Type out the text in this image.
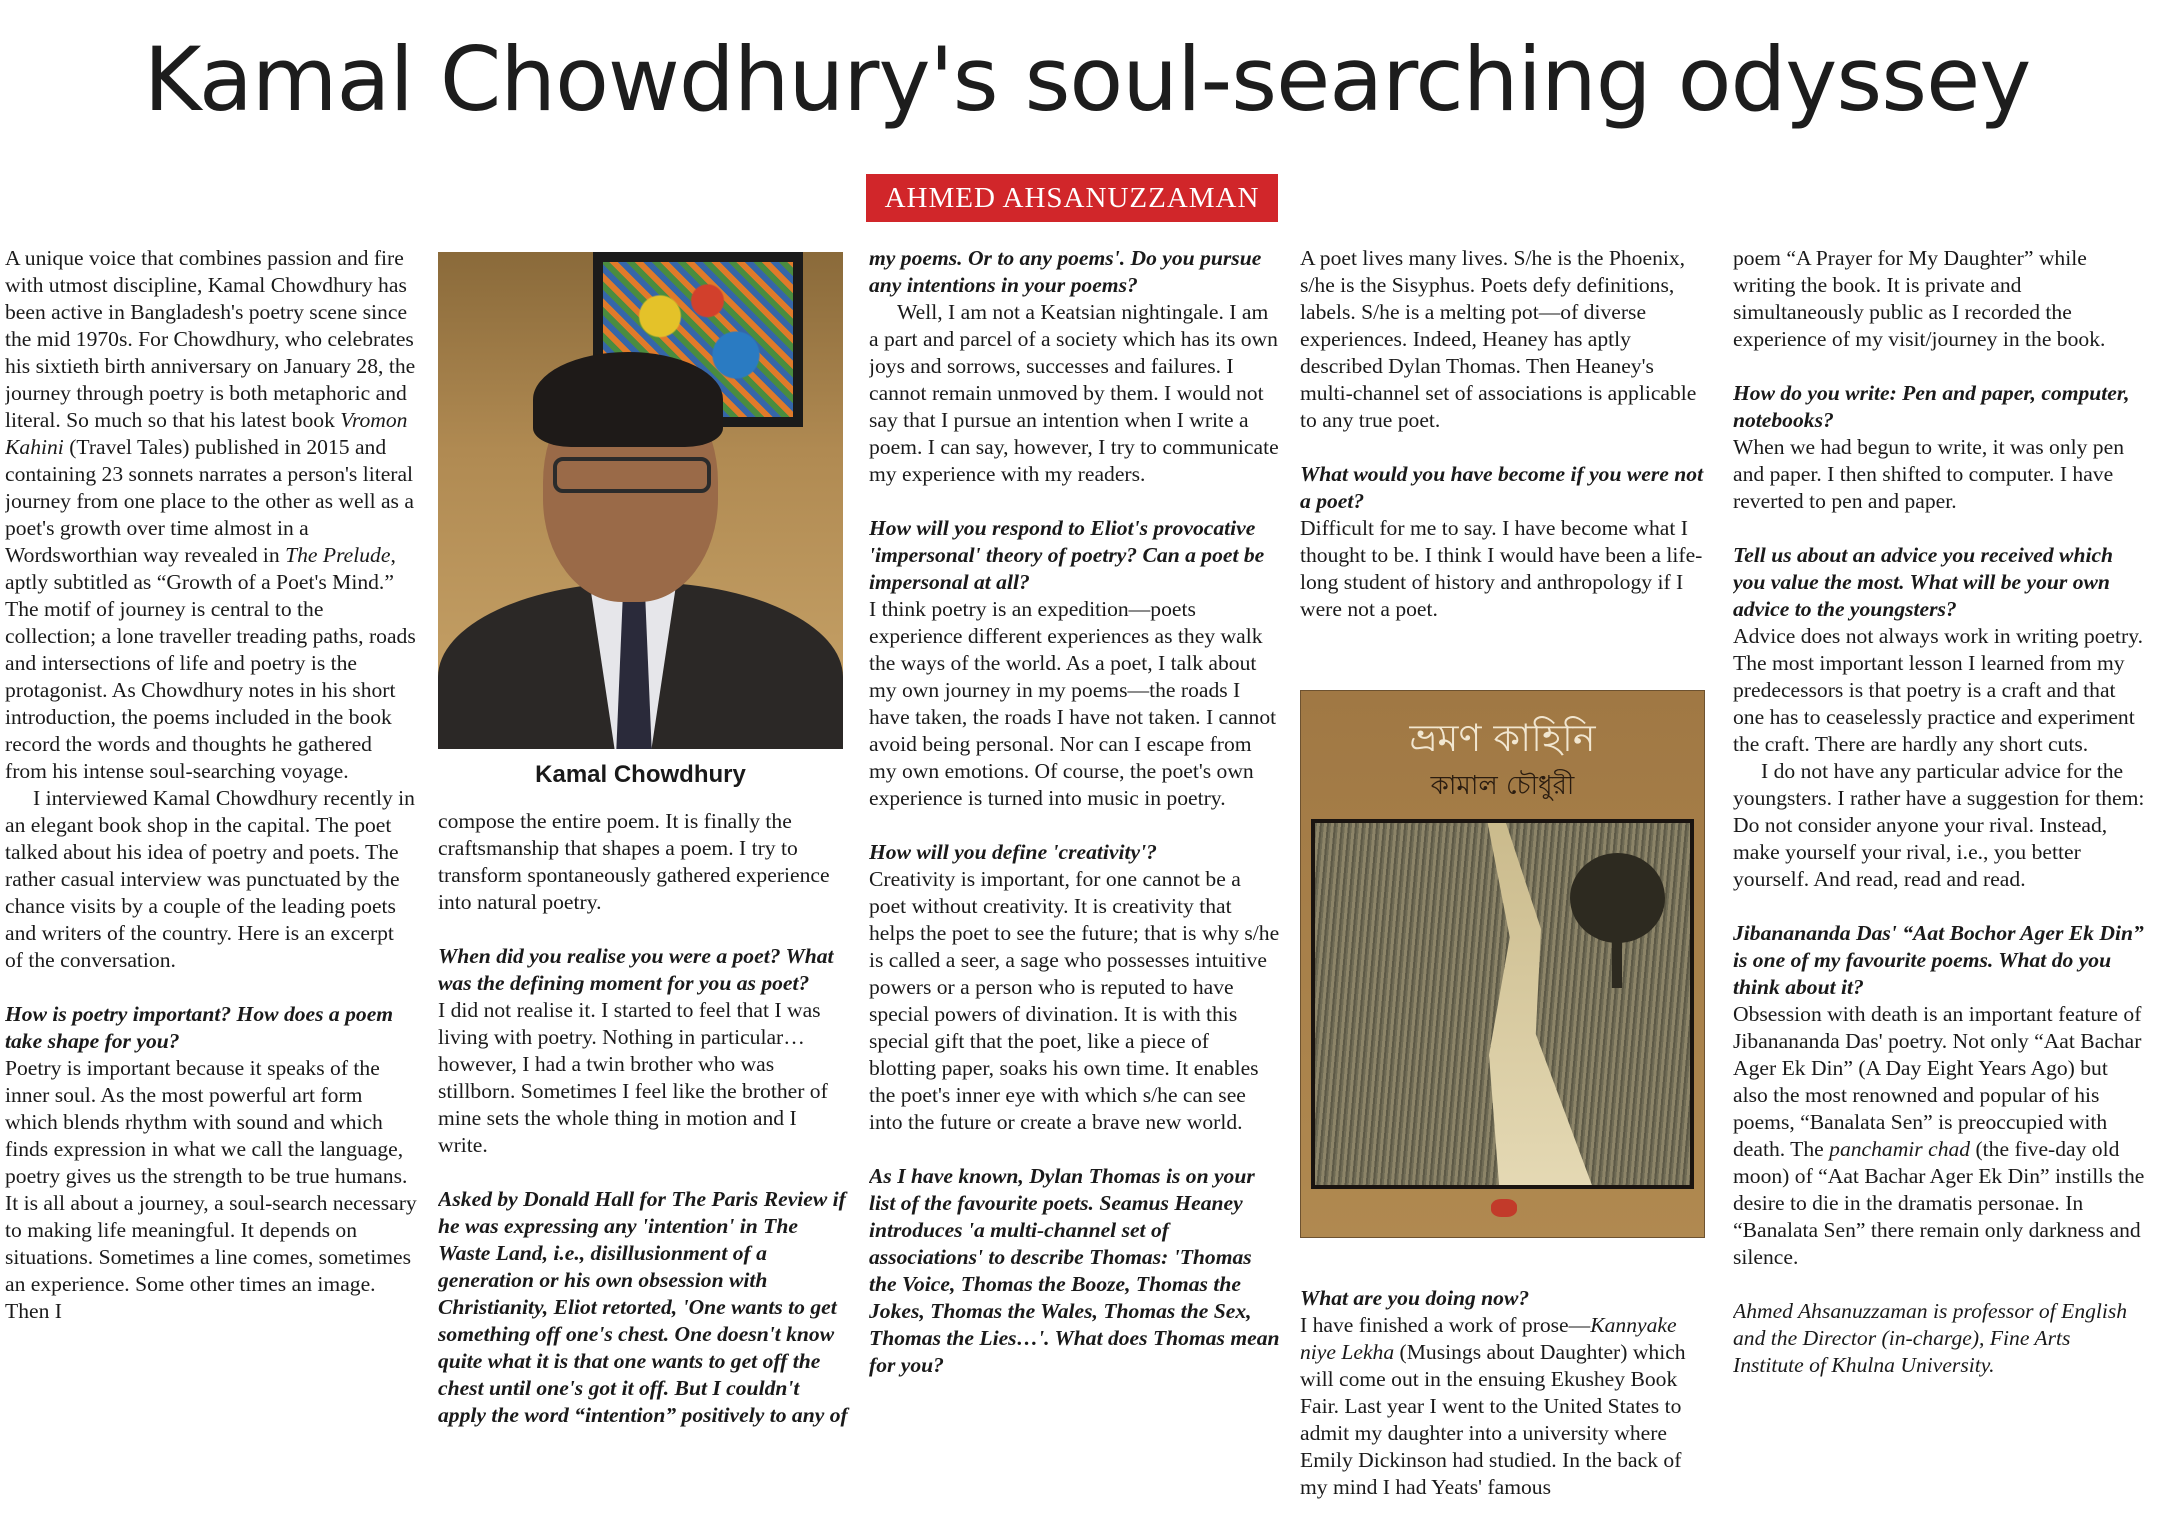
Kamal Chowdhury's soul-searching odyssey
AHMED AHSANUZZAMAN

A unique voice that combines passion and fire with utmost discipline, Kamal Chowdhury has been active in Bangladesh's poetry scene since the mid 1970s. For Chowdhury, who celebrates his sixtieth birth anniversary on January 28, the journey through poetry is both metaphoric and literal. So much so that his latest book Vromon Kahini (Travel Tales) published in 2015 and containing 23 sonnets narrates a person's literal journey from one place to the other as well as a poet's growth over time almost in a Wordsworthian way revealed in The Prelude, aptly subtitled as “Growth of a Poet's Mind.” The motif of journey is central to the collection; a lone traveller treading paths, roads and intersections of life and poetry is the protagonist. As Chowdhury notes in his short introduction, the poems included in the book record the words and thoughts he gathered from his intense soul-searching voyage.

I interviewed Kamal Chowdhury recently in an elegant book shop in the capital. The poet talked about his idea of poetry and poets. The rather casual interview was punctuated by the chance visits by a couple of the leading poets and writers of the country. Here is an excerpt of the conversation.

How is poetry important? How does a poem take shape for you?

Poetry is important because it speaks of the inner soul. As the most powerful art form which blends rhythm with sound and which finds expression in what we call the language, poetry gives us the strength to be true humans. It is all about a journey, a soul-search necessary to making life meaningful. It depends on situations. Sometimes a line comes, sometimes an experience. Some other times an image. Then I

Kamal Chowdhury

compose the entire poem. It is finally the craftsmanship that shapes a poem. I try to transform spontaneously gathered experience into natural poetry.

When did you realise you were a poet? What was the defining moment for you as poet?

I did not realise it. I started to feel that I was living with poetry. Nothing in particular…however, I had a twin brother who was stillborn. Sometimes I feel like the brother of mine sets the whole thing in motion and I write.

Asked by Donald Hall for The Paris Review if he was expressing any 'intention' in The Waste Land, i.e., disillusionment of a generation or his own obsession with Christianity, Eliot retorted, 'One wants to get something off one's chest. One doesn't know quite what it is that one wants to get off the chest until one's got it off. But I couldn't apply the word “intention” positively to any of

my poems. Or to any poems'. Do you pursue any intentions in your poems?

Well, I am not a Keatsian nightingale. I am a part and parcel of a society which has its own joys and sorrows, successes and failures. I cannot remain unmoved by them. I would not say that I pursue an intention when I write a poem. I can say, however, I try to communicate my experience with my readers.

How will you respond to Eliot's provocative 'impersonal' theory of poetry? Can a poet be impersonal at all?

I think poetry is an expedition—poets experience different experiences as they walk the ways of the world. As a poet, I talk about my own journey in my poems—the roads I have taken, the roads I have not taken. I cannot avoid being personal. Nor can I escape from my own emotions. Of course, the poet's own experience is turned into music in poetry.

How will you define 'creativity'?

Creativity is important, for one cannot be a poet without creativity. It is creativity that helps the poet to see the future; that is why s/he is called a seer, a sage who possesses intuitive powers or a person who is reputed to have special powers of divination. It is with this special gift that the poet, like a piece of blotting paper, soaks his own time. It enables the poet's inner eye with which s/he can see into the future or create a brave new world.

As I have known, Dylan Thomas is on your list of the favourite poets. Seamus Heaney introduces 'a multi-channel set of associations' to describe Thomas: 'Thomas the Voice, Thomas the Booze, Thomas the Jokes, Thomas the Wales, Thomas the Sex, Thomas the Lies…'. What does Thomas mean for you?

A poet lives many lives. S/he is the Phoenix, s/he is the Sisyphus. Poets defy definitions, labels. S/he is a melting pot—of diverse experiences. Indeed, Heaney has aptly described Dylan Thomas. Then Heaney's multi-channel set of associations is applicable to any true poet.

What would you have become if you were not a poet?

Difficult for me to say. I have become what I thought to be. I think I would have been a life-long student of history and anthropology if I were not a poet.

ভ্রমণ কাহিনি
কামাল চৌধুরী

What are you doing now?

I have finished a work of prose—Kannyake niye Lekha (Musings about Daughter) which will come out in the ensuing Ekushey Book Fair. Last year I went to the United States to admit my daughter into a university where Emily Dickinson had studied. In the back of my mind I had Yeats' famous

poem “A Prayer for My Daughter” while writing the book. It is private and simultaneously public as I recorded the experience of my visit/journey in the book.

How do you write: Pen and paper, computer, notebooks?

When we had begun to write, it was only pen and paper. I then shifted to computer. I have reverted to pen and paper.

Tell us about an advice you received which you value the most. What will be your own advice to the youngsters?

Advice does not always work in writing poetry. The most important lesson I learned from my predecessors is that poetry is a craft and that one has to ceaselessly practice and experiment the craft. There are hardly any short cuts.

I do not have any particular advice for the youngsters. I rather have a suggestion for them: Do not consider anyone your rival. Instead, make yourself your rival, i.e., you better yourself. And read, read and read.

Jibanananda Das' “Aat Bochor Ager Ek Din” is one of my favourite poems. What do you think about it?

Obsession with death is an important feature of Jibanananda Das' poetry. Not only “Aat Bachar Ager Ek Din” (A Day Eight Years Ago) but also the most renowned and popular of his poems, “Banalata Sen” is preoccupied with death. The panchamir chad (the five-day old moon) of “Aat Bachar Ager Ek Din” instills the desire to die in the dramatis personae. In “Banalata Sen” there remain only darkness and silence.

Ahmed Ahsanuzzaman is professor of English and the Director (in-charge), Fine Arts Institute of Khulna University.
